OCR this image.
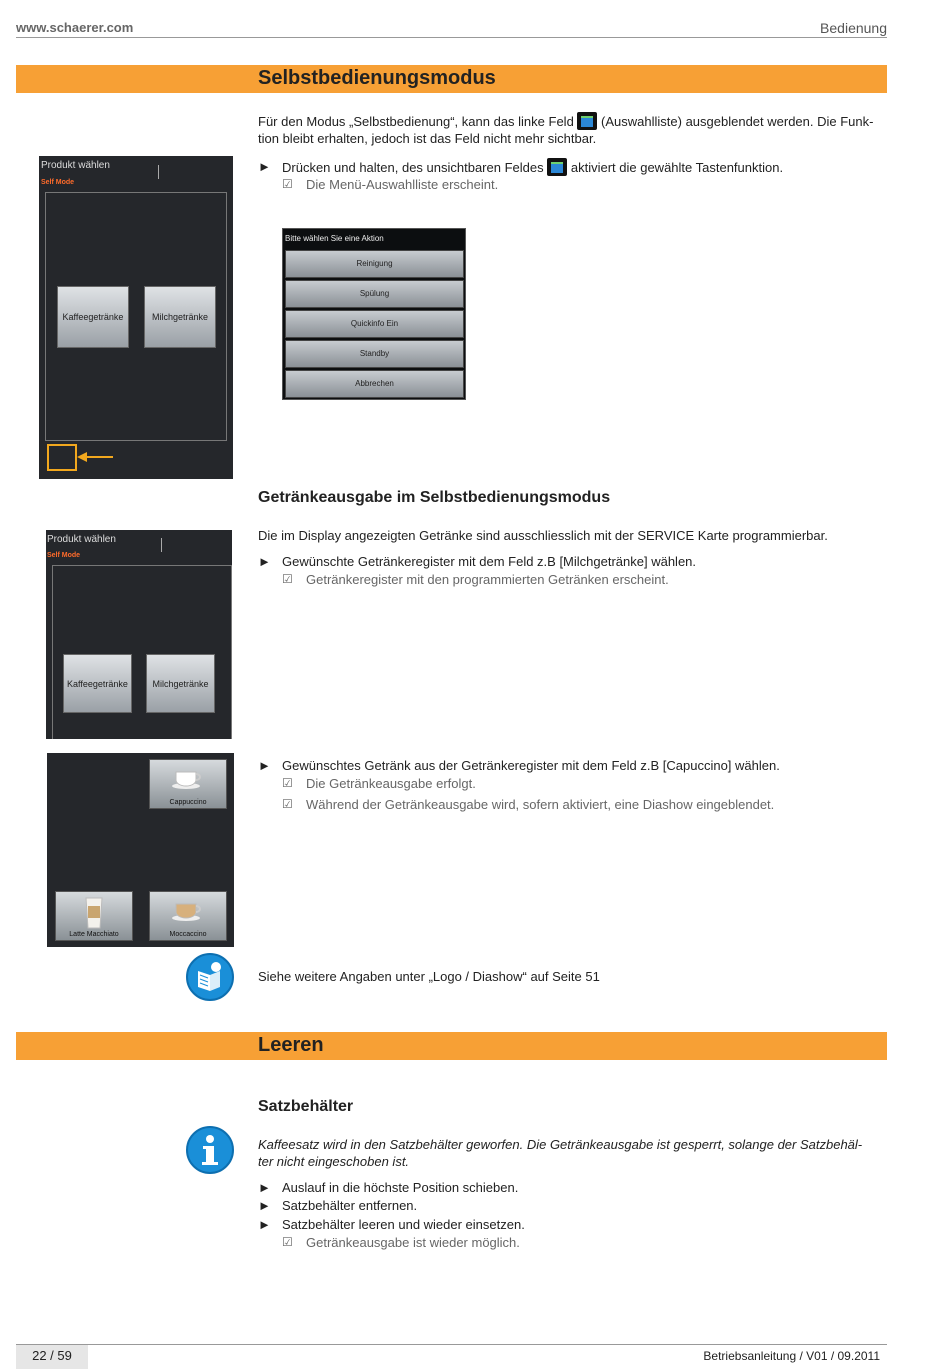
www.schaerer.com	Bedienung
Selbstbedienungsmodus
Für den Modus „Selbstbedienung“, kann das linke Feld (Auswahlliste) ausgeblendet werden. Die Funk-
tion bleibt erhalten, jedoch ist das Feld nicht mehr sichtbar.
► Drücken und halten, des unsichtbaren Feldes aktiviert die gewählte Tastenfunktion.
☑ Die Menü-Auswahlliste erscheint.
Produkt wählen
Self Mode
Kaffeegetränke	Milchgetränke
Bitte wählen Sie eine Aktion
Reinigung
Spülung
Quickinfo Ein
Standby
Abbrechen
Getränkeausgabe im Selbstbedienungsmodus
Die im Display angezeigten Getränke sind ausschliesslich mit der SERVICE Karte programmierbar.
► Gewünschte Getränkeregister mit dem Feld z.B [Milchgetränke] wählen.
☑ Getränkeregister mit den programmierten Getränken erscheint.
Produkt wählen
Self Mode
Kaffeegetränke	Milchgetränke
Cappuccino
Latte Macchiato	Moccaccino
► Gewünschtes Getränk aus der Getränkeregister mit dem Feld z.B [Capuccino] wählen.
☑ Die Getränkeausgabe erfolgt.
☑ Während der Getränkeausgabe wird, sofern aktiviert, eine Diashow eingeblendet.
Siehe weitere Angaben unter „Logo / Diashow“ auf Seite 51
Leeren
Satzbehälter
Kaffeesatz wird in den Satzbehälter geworfen. Die Getränkeausgabe ist gesperrt, solange der Satzbehäl-
ter nicht eingeschoben ist.
► Auslauf in die höchste Position schieben.
► Satzbehälter entfernen.
► Satzbehälter leeren und wieder einsetzen.
☑ Getränkeausgabe ist wieder möglich.
22 / 59	Betriebsanleitung / V01 / 09.2011
